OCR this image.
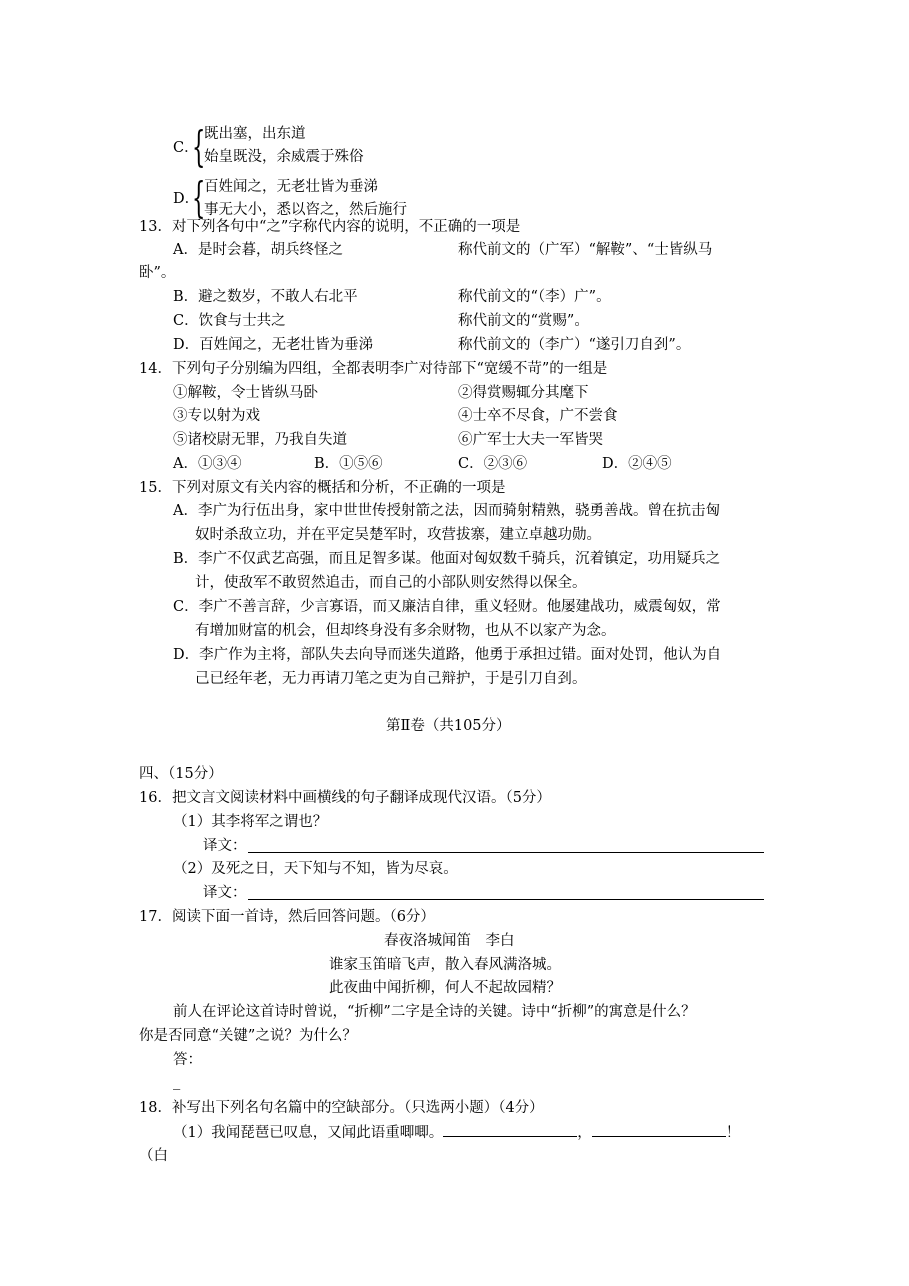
C．
{
既出塞，出东道
始皇既没，余威震于殊俗
D．
{
百姓闻之，无老壮皆为垂涕
事无大小，悉以咨之，然后施行
13．对下列各句中“之”字称代内容的说明，不正确的一项是
A．是时会暮，胡兵终怪之	称代前文的（广军）“解鞍”、“士皆纵马
卧”。
B．避之数岁，不敢人右北平	称代前文的“（李）广”。
C．饮食与士共之	称代前文的“赏赐”。
D．百姓闻之，无老壮皆为垂涕	称代前文的（李广）“遂引刀自刭”。
14．下列句子分别编为四组，全都表明李广对待部下“宽缓不苛”的一组是
①解鞍，令士皆纵马卧	②得赏赐辄分其麾下
③专以射为戏	④士卒不尽食，广不尝食
⑤诸校尉无罪，乃我自失道	⑥广军士大夫一军皆哭
A．①③④	B．①⑤⑥	C．②③⑥	D．②④⑤
15．下列对原文有关内容的概括和分析，不正确的一项是
A．李广为行伍出身，家中世世传授射箭之法，因而骑射精熟，骁勇善战。曾在抗击匈
奴时杀敌立功，并在平定吴楚军时，攻营拔寨，建立卓越功勋。
B．李广不仅武艺高强，而且足智多谋。他面对匈奴数千骑兵，沉着镇定，功用疑兵之
计，使敌军不敢贸然追击，而自己的小部队则安然得以保全。
C．李广不善言辞，少言寡语，而又廉洁自律，重义轻财。他屡建战功，威震匈奴，常
有增加财富的机会，但却终身没有多余财物，也从不以家产为念。
D．李广作为主将，部队失去向导而迷失道路，他勇于承担过错。面对处罚，他认为自
己已经年老，无力再请刀笔之吏为自己辩护，于是引刀自刭。
第Ⅱ卷（共105分）
四、（15分）
16．把文言文阅读材料中画横线的句子翻译成现代汉语。（5分）
（1）其李将军之谓也？
译文：
（2）及死之日，天下知与不知，皆为尽哀。
译文：
17．阅读下面一首诗，然后回答问题。（6分）
春夜洛城闻笛　李白
谁家玉笛暗飞声，散入春风满洛城。
此夜曲中闻折柳，何人不起故园精？
前人在评论这首诗时曾说，“折柳”二字是全诗的关键。诗中“折柳”的寓意是什么？
你是否同意“关键”之说？为什么？
答：
_
18．补写出下列名句名篇中的空缺部分。（只选两小题）（4分）
（1）我闻琵琶已叹息，又闻此语重唧唧。	，	！
（白
